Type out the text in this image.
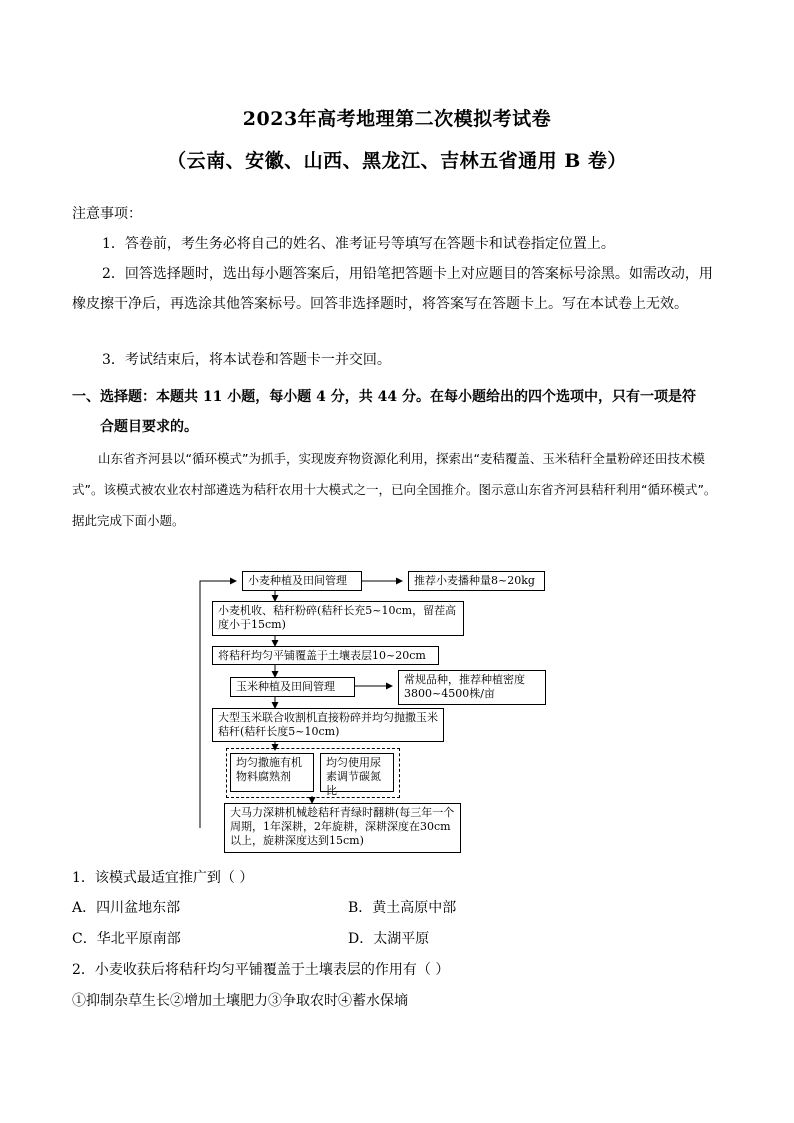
2023年高考地理第二次模拟考试卷
（云南、安徽、山西、黑龙江、吉林五省通用 B 卷）
注意事项：
1．答卷前，考生务必将自己的姓名、准考证号等填写在答题卡和试卷指定位置上。
2．回答选择题时，选出每小题答案后，用铅笔把答题卡上对应题目的答案标号涂黑。如需改动，用橡皮擦干净后，再选涂其他答案标号。回答非选择题时，将答案写在答题卡上。写在本试卷上无效。
3．考试结束后，将本试卷和答题卡一并交回。
一、选择题：本题共 11 小题，每小题 4 分，共 44 分。在每小题给出的四个选项中，只有一项是符
合题目要求的。
山东省齐河县以“循环模式”为抓手，实现废弃物资源化利用，探索出“麦秸覆盖、玉米秸秆全量粉碎还田技术模式”。该模式被农业农村部遴选为秸秆农用十大模式之一，已向全国推介。图示意山东省齐河县秸秆利用“循环模式”。据此完成下面小题。
小麦种植及田间管理	推荐小麦播种量8~20kg
小麦机收、秸秆粉碎(秸秆长充5~10cm，留茬高度小于15cm)
将秸秆均匀平铺覆盖于土壤表层10~20cm
玉米种植及田间管理
常规品种，推荐种植密度3800~4500株/亩
大型玉米联合收割机直接粉碎并均匀抛撒玉米秸秆(秸秆长度5~10cm)
均匀撒施有机物料腐熟剂
均匀使用尿素调节碳氮比
大马力深耕机械趁秸秆青绿时翻耕(每三年一个周期，1年深耕，2年旋耕，深耕深度在30cm以上，旋耕深度达到15cm)
1．该模式最适宜推广到（ ）
A．四川盆地东部	B．黄土高原中部
C．华北平原南部	D．太湖平原
2．小麦收获后将秸秆均匀平铺覆盖于土壤表层的作用有（ ）
①抑制杂草生长②增加土壤肥力③争取农时④蓄水保墒
